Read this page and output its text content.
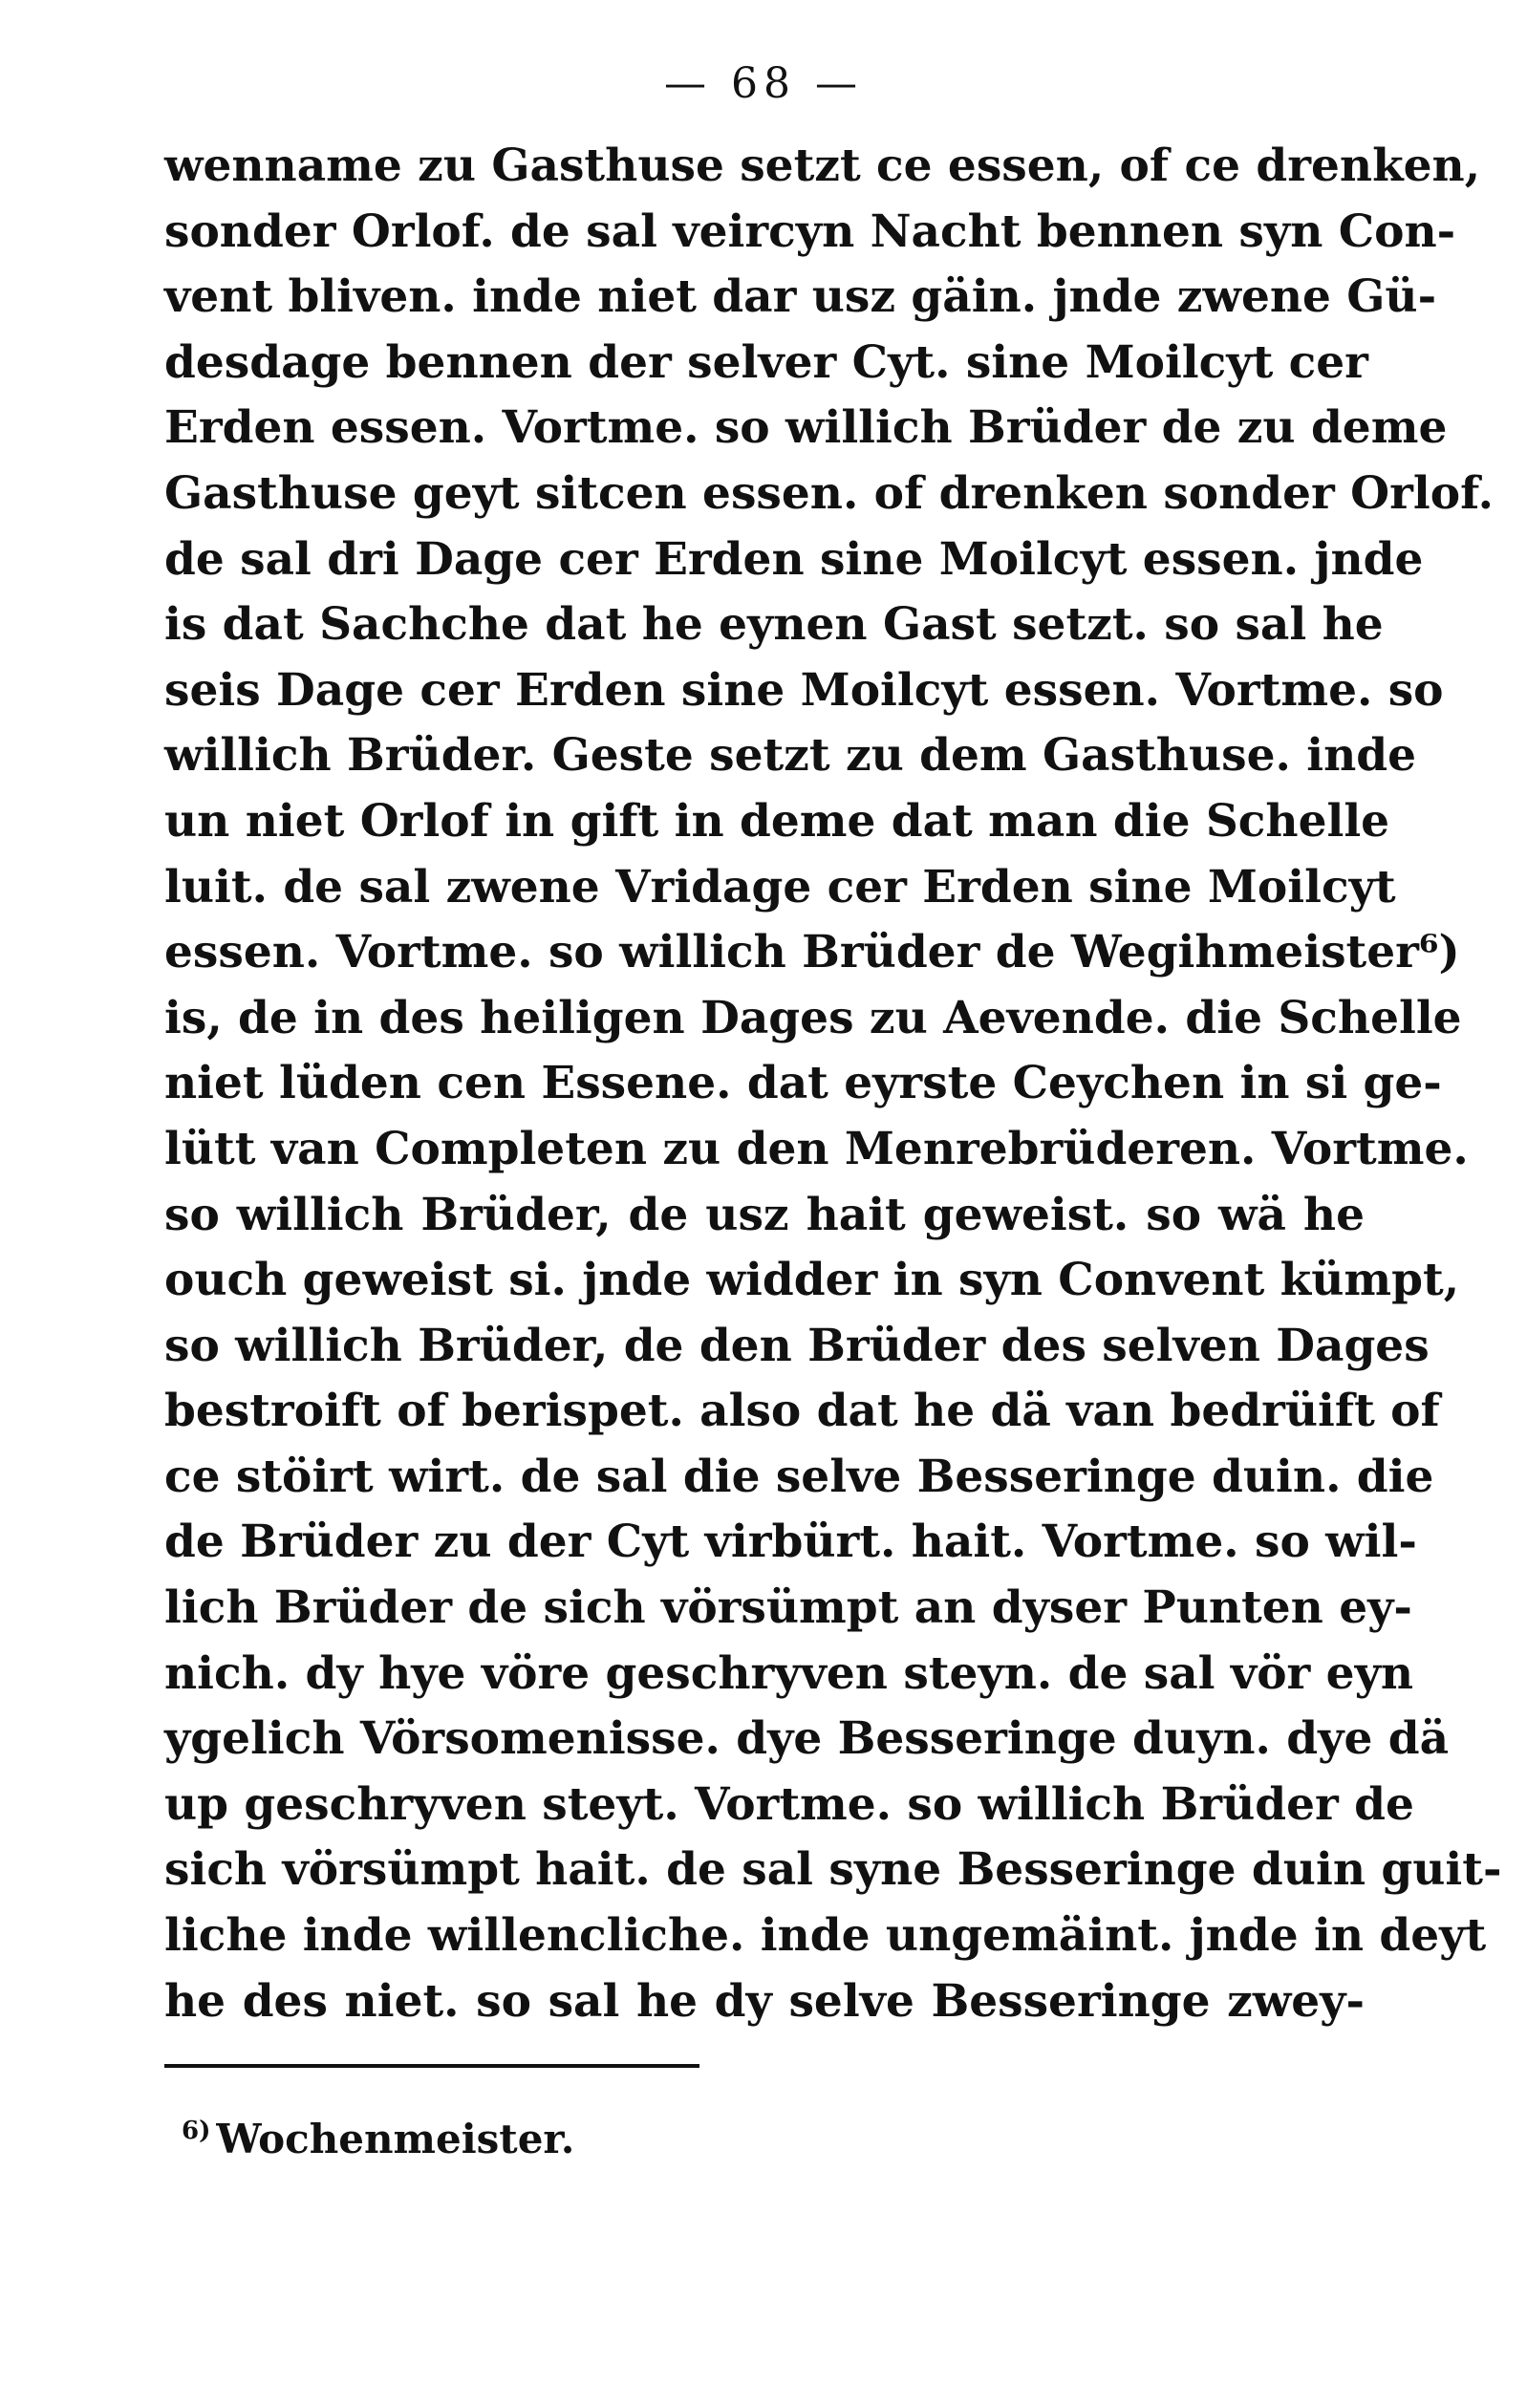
— 68 —
wenname zu Gasthuse setzt ce essen, of ce drenken,
sonder Orlof. de sal veircyn Nacht bennen syn Con-
vent bliven. inde niet dar usz gäin. jnde zwene Gü-
desdage bennen der selver Cyt. sine Moilcyt cer
Erden essen. Vortme. so willich Brüder de zu deme
Gasthuse geyt sitcen essen. of drenken sonder Orlof.
de sal dri Dage cer Erden sine Moilcyt essen. jnde
is dat Sachche dat he eynen Gast setzt. so sal he
seis Dage cer Erden sine Moilcyt essen. Vortme. so
willich Brüder. Geste setzt zu dem Gasthuse. inde
un niet Orlof in gift in deme dat man die Schelle
luit. de sal zwene Vridage cer Erden sine Moilcyt
essen. Vortme. so willich Brüder de Wegihmeister⁶)
is, de in des heiligen Dages zu Aevende. die Schelle
niet lüden cen Essene. dat eyrste Ceychen in si ge-
lütt van Completen zu den Menrebrüderen. Vortme.
so willich Brüder, de usz hait geweist. so wä he
ouch geweist si. jnde widder in syn Convent kümpt,
so willich Brüder, de den Brüder des selven Dages
bestroift of berispet. also dat he dä van bedrüift of
ce stöirt wirt. de sal die selve Besseringe duin. die
de Brüder zu der Cyt virbürt. hait. Vortme. so wil-
lich Brüder de sich vörsümpt an dyser Punten ey-
nich. dy hye vöre geschryven steyn. de sal vör eyn
ygelich Vörsomenisse. dye Besseringe duyn. dye dä
up geschryven steyt. Vortme. so willich Brüder de
sich vörsümpt hait. de sal syne Besseringe duin guit-
liche inde willencliche. inde ungemäint. jnde in deyt
he des niet. so sal he dy selve Besseringe zwey-
$^{6)}$ Wochenmeister.
